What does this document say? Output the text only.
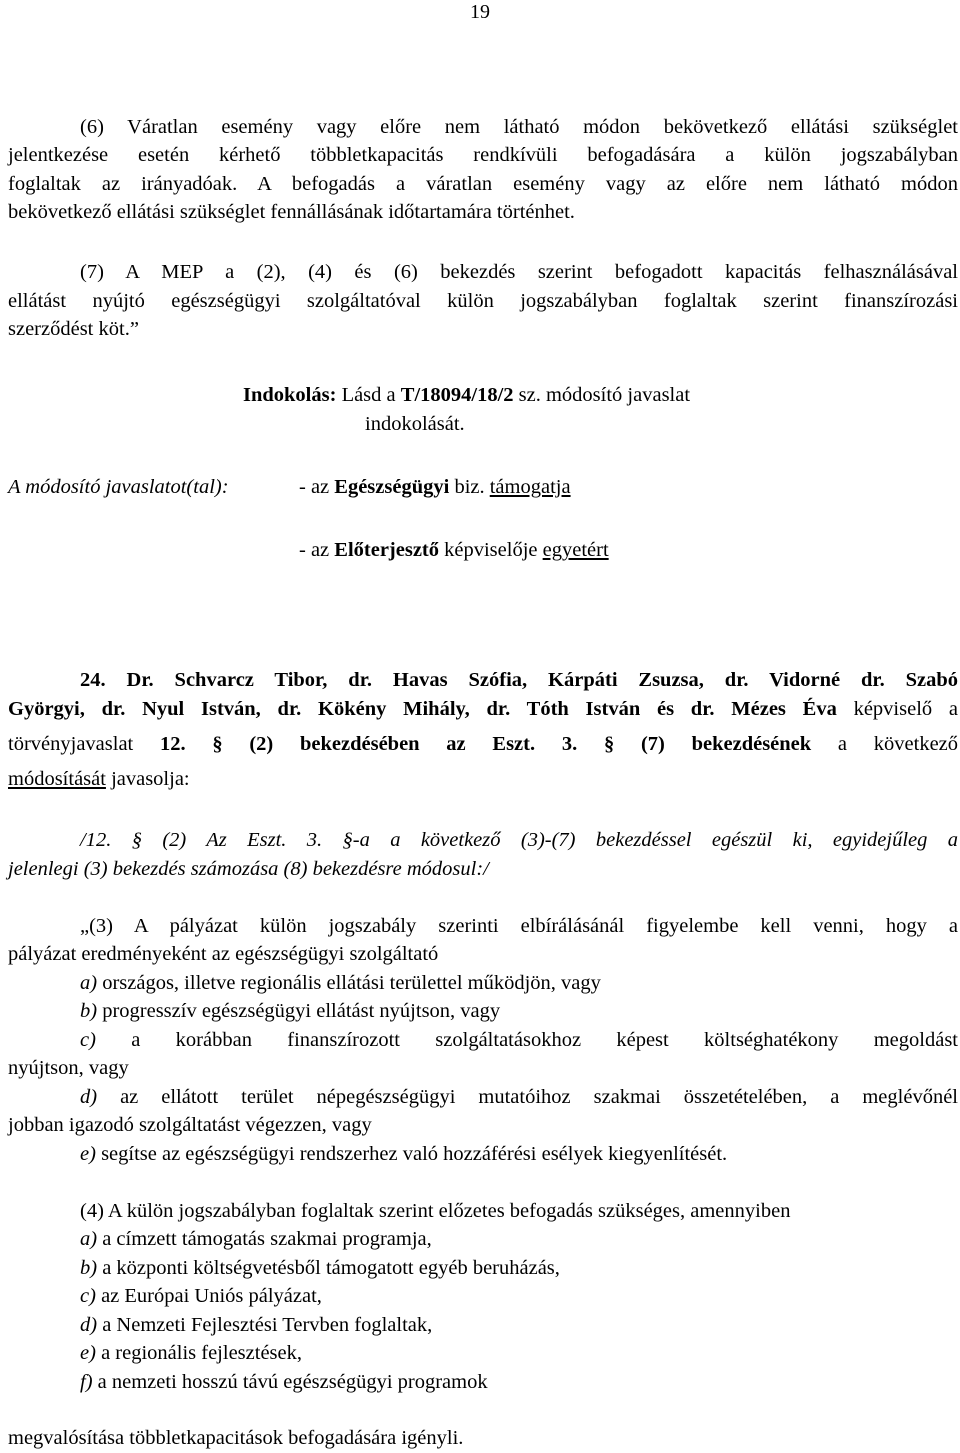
19
(6) Váratlan esemény vagy előre nem látható módon bekövetkező ellátási szükséglet
jelentkezése esetén kérhető többletkapacitás rendkívüli befogadására a külön jogszabályban
foglaltak az irányadóak. A befogadás a váratlan esemény vagy az előre nem látható módon
bekövetkező ellátási szükséglet fennállásának időtartamára történhet.
(7) A MEP a (2), (4) és (6) bekezdés szerint befogadott kapacitás felhasználásával
ellátást nyújtó egészségügyi szolgáltatóval külön jogszabályban foglaltak szerint finanszírozási
szerződést köt.”
Indokolás: Lásd a T/18094/18/2 sz. módosító javaslat
indokolását.
A módosító javaslatot(tal):	- az Egészségügyi biz. támogatja
- az Előterjesztő képviselője egyetért
24. Dr. Schvarcz Tibor, dr. Havas Szófia, Kárpáti Zsuzsa, dr. Vidorné dr. Szabó
Györgyi, dr. Nyul István, dr. Kökény Mihály, dr. Tóth István és dr. Mézes Éva képviselő a
törvényjavaslat 12. § (2) bekezdésében az Eszt. 3. § (7) bekezdésének a következő
módosítását javasolja:
/12. § (2) Az Eszt. 3. §-a a következő (3)-(7) bekezdéssel egészül ki, egyidejűleg a
jelenlegi (3) bekezdés számozása (8) bekezdésre módosul:/
„(3) A pályázat külön jogszabály szerinti elbírálásánál figyelembe kell venni, hogy a
pályázat eredményeként az egészségügyi szolgáltató
a) országos, illetve regionális ellátási területtel működjön, vagy
b) progresszív egészségügyi ellátást nyújtson, vagy
c) a korábban finanszírozott szolgáltatásokhoz képest költséghatékony megoldást
nyújtson, vagy
d) az ellátott terület népegészségügyi mutatóihoz szakmai összetételében, a meglévőnél
jobban igazodó szolgáltatást végezzen, vagy
e) segítse az egészségügyi rendszerhez való hozzáférési esélyek kiegyenlítését.
(4) A külön jogszabályban foglaltak szerint előzetes befogadás szükséges, amennyiben
a) a címzett támogatás szakmai programja,
b) a központi költségvetésből támogatott egyéb beruházás,
c) az Európai Uniós pályázat,
d) a Nemzeti Fejlesztési Tervben foglaltak,
e) a regionális fejlesztések,
f) a nemzeti hosszú távú egészségügyi programok
megvalósítása többletkapacitások befogadására igényli.
